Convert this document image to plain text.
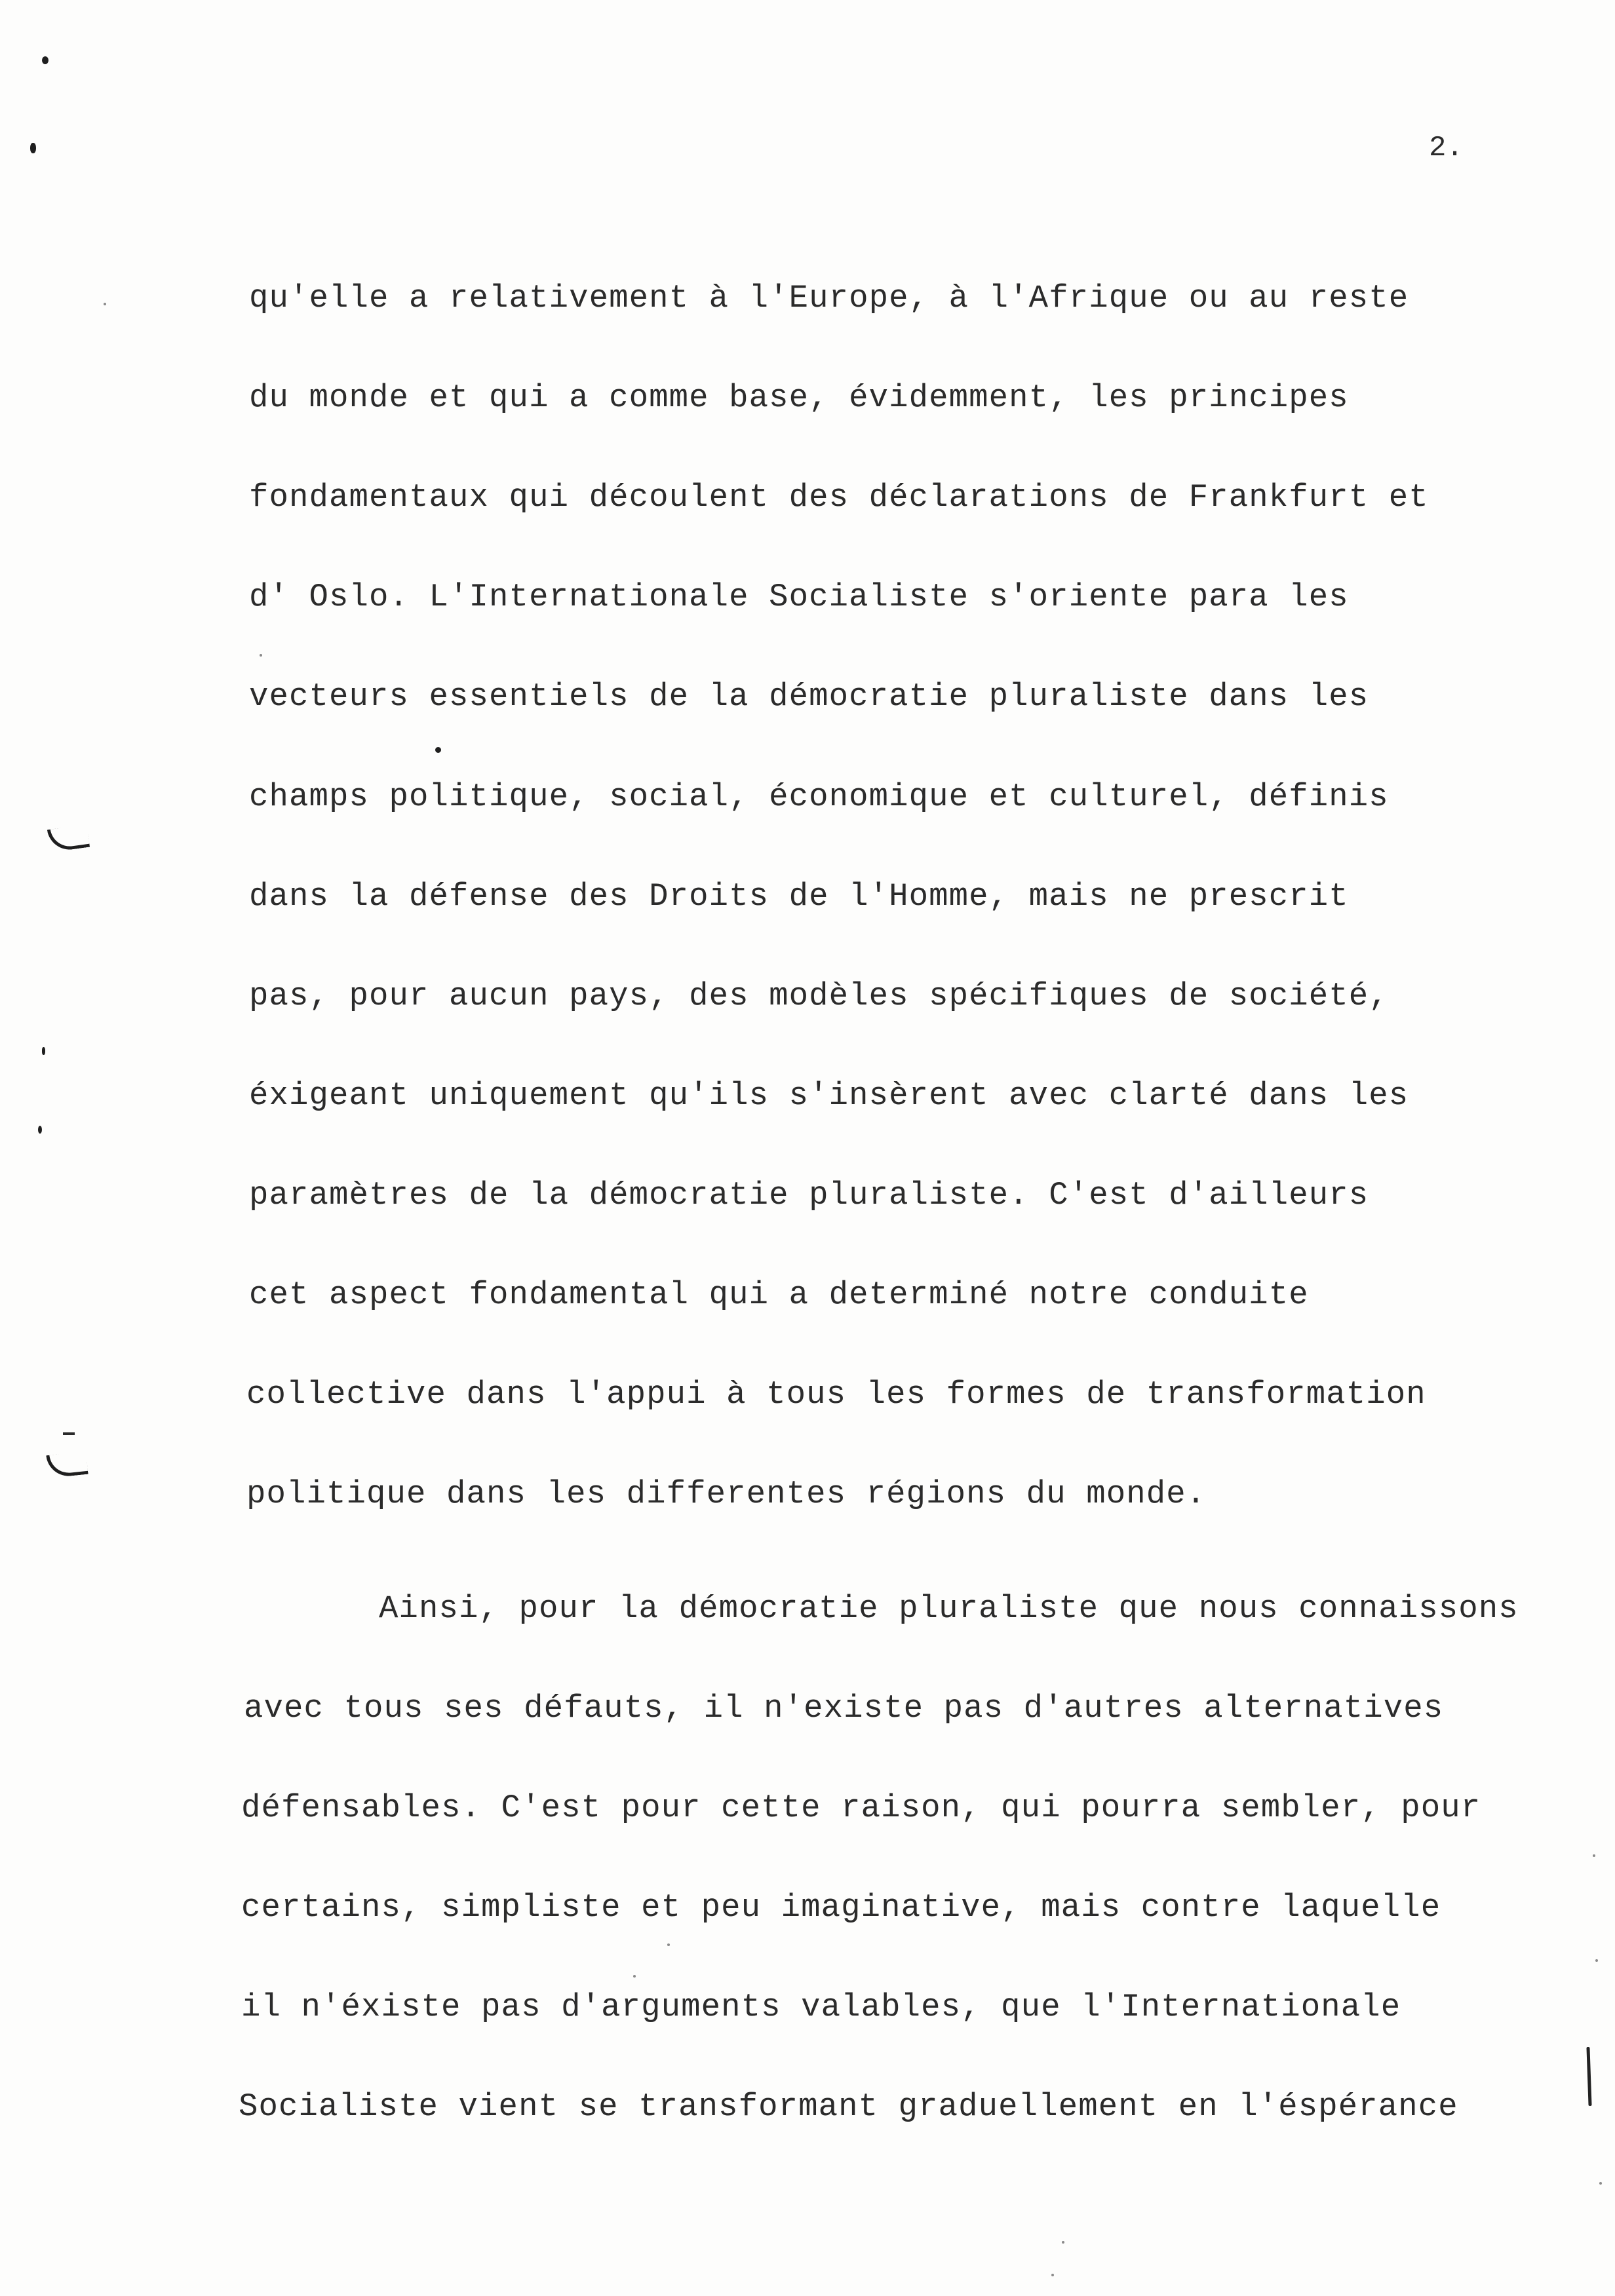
2.
qu'elle a relativement à l'Europe, à l'Afrique ou au reste
du monde et qui a comme base, évidemment, les principes
fondamentaux qui découlent des déclarations de Frankfurt et
d' Oslo. L'Internationale Socialiste s'oriente para les
vecteurs essentiels de la démocratie pluraliste dans les
champs politique, social, économique et culturel, définis
dans la défense des Droits de l'Homme, mais ne prescrit
pas, pour aucun pays, des modèles spécifiques de société,
éxigeant uniquement qu'ils s'insèrent avec clarté dans les
paramètres de la démocratie pluraliste. C'est d'ailleurs
cet aspect fondamental qui a determiné notre conduite
collective dans l'appui à tous les formes de transformation
politique dans les differentes régions du monde.
Ainsi, pour la démocratie pluraliste que nous connaissons
avec tous ses défauts, il n'existe pas d'autres alternatives
défensables. C'est pour cette raison, qui pourra sembler, pour
certains, simpliste et peu imaginative, mais contre laquelle
il n'éxiste pas d'arguments valables, que l'Internationale
Socialiste vient se transformant graduellement en l'éspérance
